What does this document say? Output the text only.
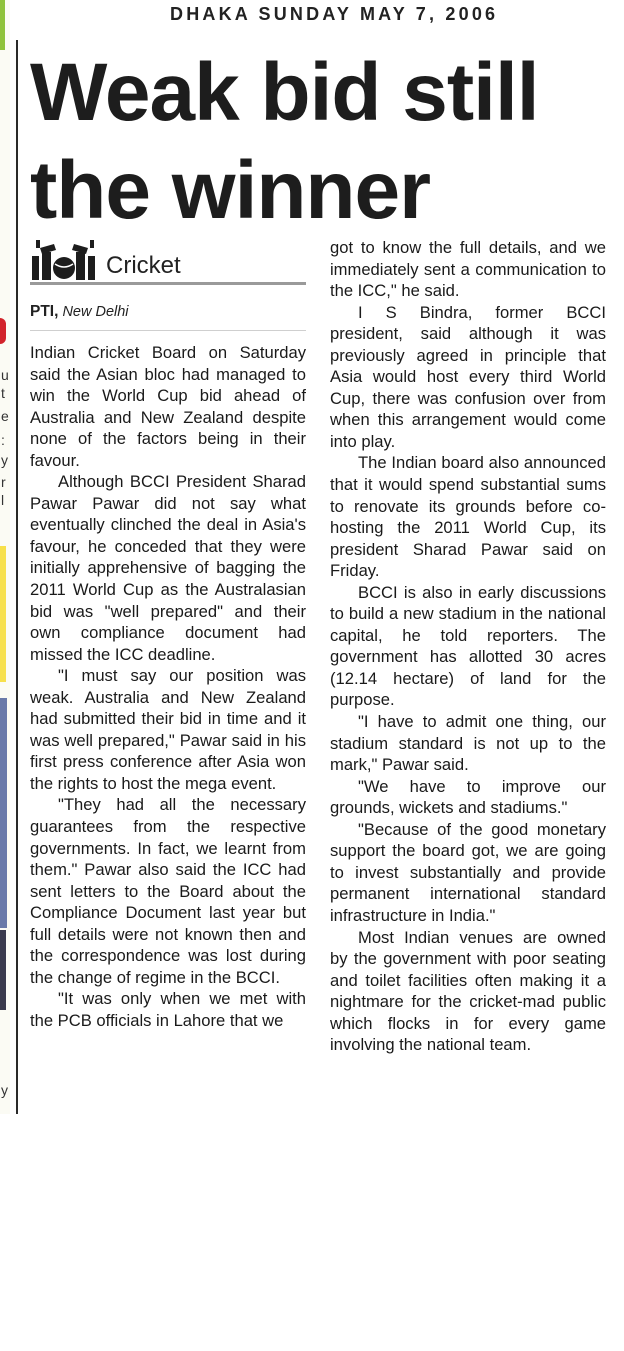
u
t
e
:
y
r
l
y
DHAKA SUNDAY MAY 7, 2006
Weak bid still
the winner
Cricket
PTI, New Delhi

Indian Cricket Board on Saturday said the Asian bloc had managed to win the World Cup bid ahead of Australia and New Zealand despite none of the factors being in their favour.

Although BCCI President Sharad Pawar Pawar did not say what eventually clinched the deal in Asia's favour, he conceded that they were initially apprehensive of bagging the 2011 World Cup as the Australasian bid was "well prepared" and their own compliance document had missed the ICC deadline.

"I must say our position was weak. Australia and New Zealand had submitted their bid in time and it was well prepared," Pawar said in his first press conference after Asia won the rights to host the mega event.

"They had all the necessary guarantees from the respective governments. In fact, we learnt from them." Pawar also said the ICC had sent letters to the Board about the Compliance Document last year but full details were not known then and the correspondence was lost during the change of regime in the BCCI.

"It was only when we met with the PCB officials in Lahore that we

got to know the full details, and we immediately sent a communication to the ICC," he said.

I S Bindra, former BCCI president, said although it was previously agreed in principle that Asia would host every third World Cup, there was confusion over from when this arrangement would come into play.

The Indian board also announced that it would spend substantial sums to renovate its grounds before co-hosting the 2011 World Cup, its president Sharad Pawar said on Friday.

BCCI is also in early discussions to build a new stadium in the national capital, he told reporters. The government has allotted 30 acres (12.14 hectare) of land for the purpose.

"I have to admit one thing, our stadium standard is not up to the mark," Pawar said.

"We have to improve our grounds, wickets and stadiums."

"Because of the good monetary support the board got, we are going to invest substantially and provide permanent international standard infrastructure in India."

Most Indian venues are owned by the government with poor seating and toilet facilities often making it a nightmare for the cricket-mad public which flocks in for every game involving the national team.
